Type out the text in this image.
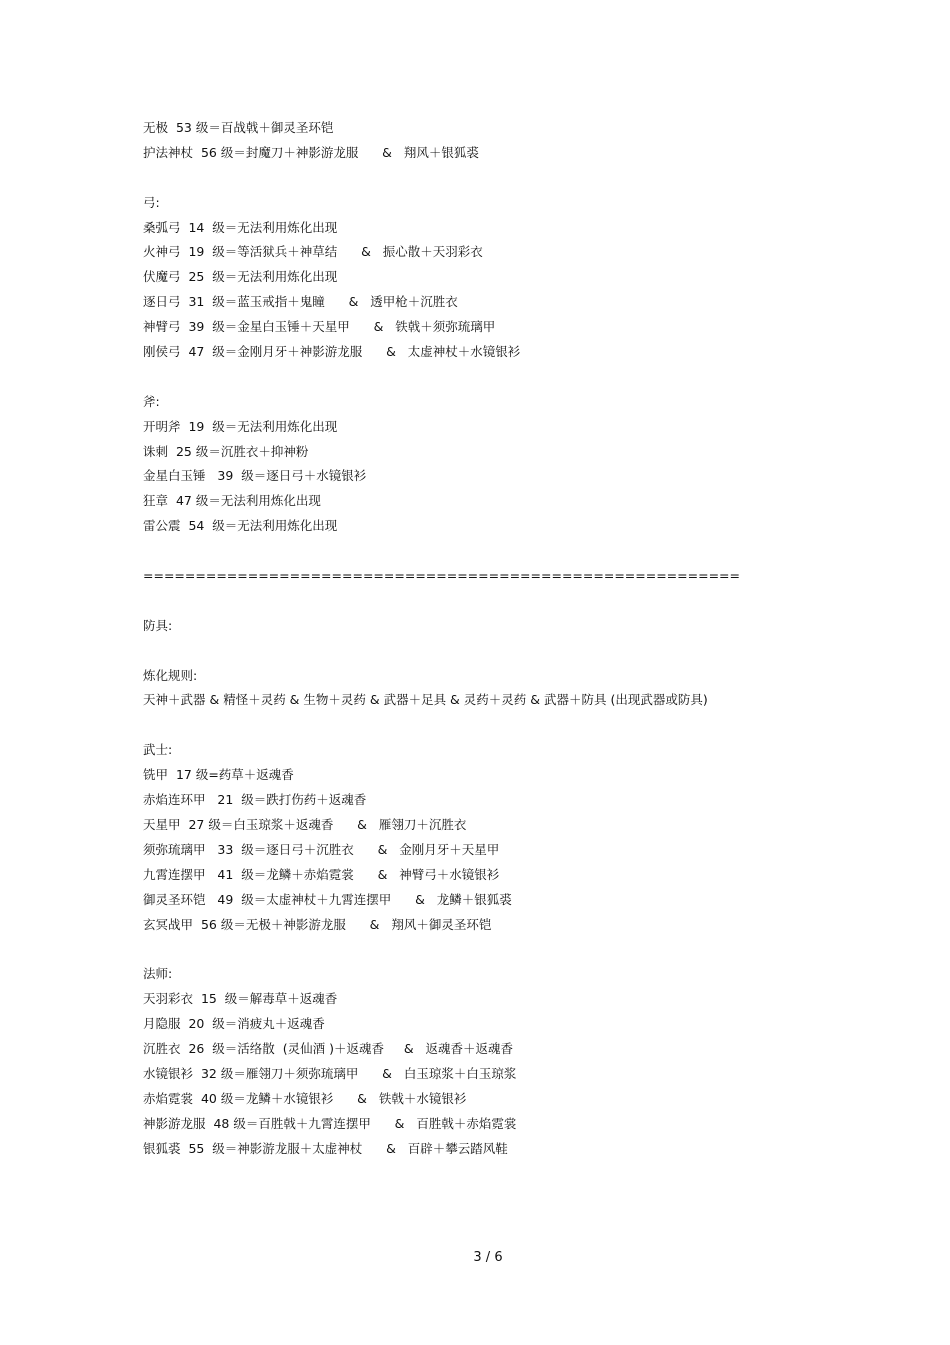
无极  53 级＝百战戟＋御灵圣环铠
护法神杖  56 级＝封魔刀＋神影游龙服      &   翔风＋银狐裘
弓:
桑弧弓  14  级＝无法利用炼化出现
火神弓  19  级＝等活狱兵＋神草结      &   振心散＋天羽彩衣
伏魔弓  25  级＝无法利用炼化出现
逐日弓  31  级＝蓝玉戒指＋鬼瞳      &   透甲枪＋沉胜衣
神臂弓  39  级＝金星白玉锤＋天星甲      &   铁戟＋须弥琉璃甲
刚侯弓  47  级＝金刚月牙＋神影游龙服      &   太虚神杖＋水镜银衫
斧:
开明斧  19  级＝无法利用炼化出现
诛刺  25 级＝沉胜衣＋抑神粉
金星白玉锤   39  级＝逐日弓＋水镜银衫
狂章  47 级＝无法利用炼化出现
雷公震  54  级＝无法利用炼化出现
=========================================================
防具:
炼化规则:
天神＋武器 & 精怪＋灵药 & 生物＋灵药 & 武器＋足具 & 灵药＋灵药 & 武器＋防具 (出现武器或防具)
武士:
铣甲  17 级=药草＋返魂香
赤焰连环甲   21  级＝跌打伤药＋返魂香
天星甲  27 级＝白玉琼浆＋返魂香      &   雁翎刀＋沉胜衣
须弥琉璃甲   33  级＝逐日弓＋沉胜衣      &   金刚月牙＋天星甲
九霄连摆甲   41  级＝龙鳞＋赤焰霓裳      &   神臂弓＋水镜银衫
御灵圣环铠   49  级＝太虚神杖＋九霄连摆甲      &   龙鳞＋银狐裘
玄冥战甲  56 级＝无极＋神影游龙服      &   翔风＋御灵圣环铠
法师:
天羽彩衣  15  级＝解毒草＋返魂香
月隐服  20  级＝消疲丸＋返魂香
沉胜衣  26  级＝活络散  (灵仙酒 )＋返魂香     &   返魂香＋返魂香
水镜银衫  32 级＝雁翎刀＋须弥琉璃甲      &   白玉琼浆＋白玉琼浆
赤焰霓裳  40 级＝龙鳞＋水镜银衫      &   铁戟＋水镜银衫
神影游龙服  48 级＝百胜戟＋九霄连摆甲      &   百胜戟＋赤焰霓裳
银狐裘  55  级＝神影游龙服＋太虚神杖      &   百辟＋攀云踏风鞋
3 / 6
